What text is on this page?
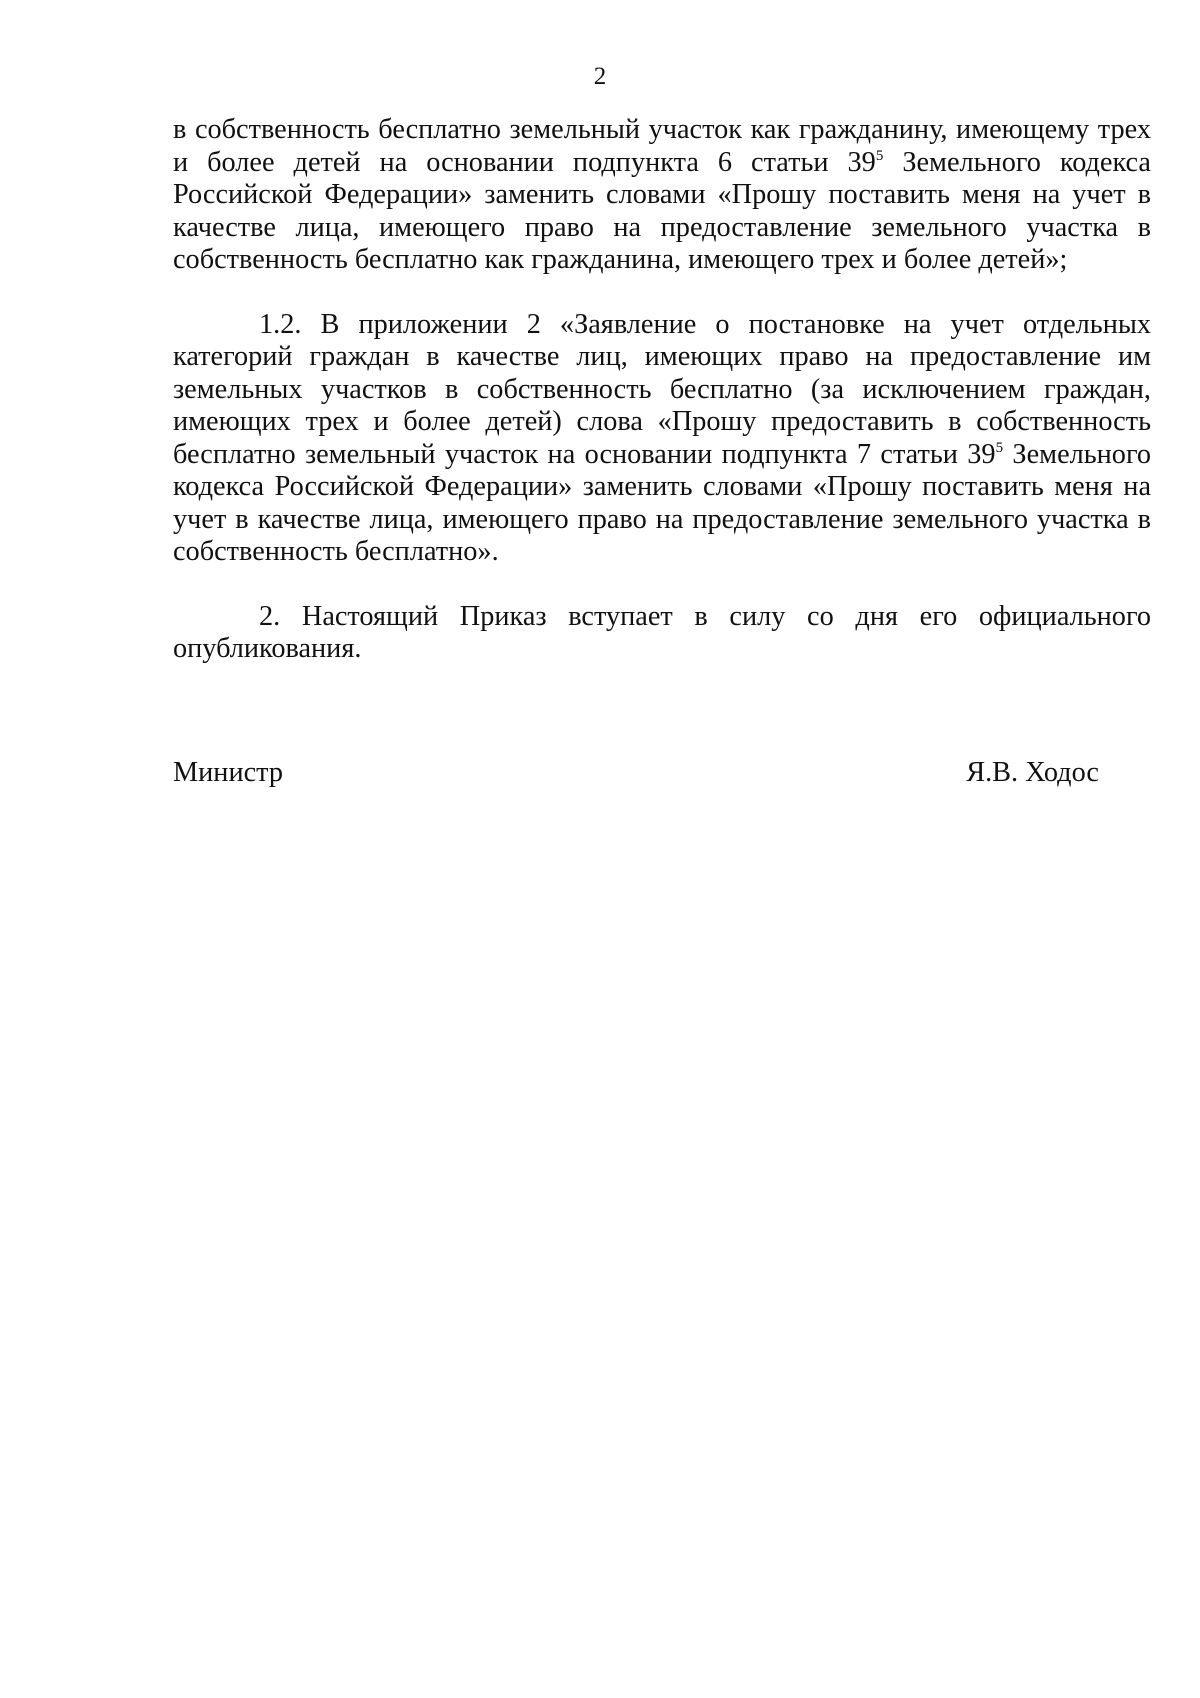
2

в собственность бесплатно земельный участок как гражданину, имеющему трех и более детей на основании подпункта 6 статьи $39^5$ Земельного кодекса Российской Федерации» заменить словами «Прошу поставить меня на учет в качестве лица, имеющего право на предоставление земельного участка в собственность бесплатно как гражданина, имеющего трех и более детей»;

1.2. В приложении 2 «Заявление о постановке на учет отдельных категорий граждан в качестве лиц, имеющих право на предоставление им земельных участков в собственность бесплатно (за исключением граждан, имеющих трех и более детей) слова «Прошу предоставить в собственность бесплатно земельный участок на основании подпункта 7 статьи $39^5$ Земельного кодекса Российской Федерации» заменить словами «Прошу поставить меня на учет в качестве лица, имеющего право на предоставление земельного участка в собственность бесплатно».

2. Настоящий Приказ вступает в силу со дня его официального опубликования.

Министр	Я.В. Ходос
